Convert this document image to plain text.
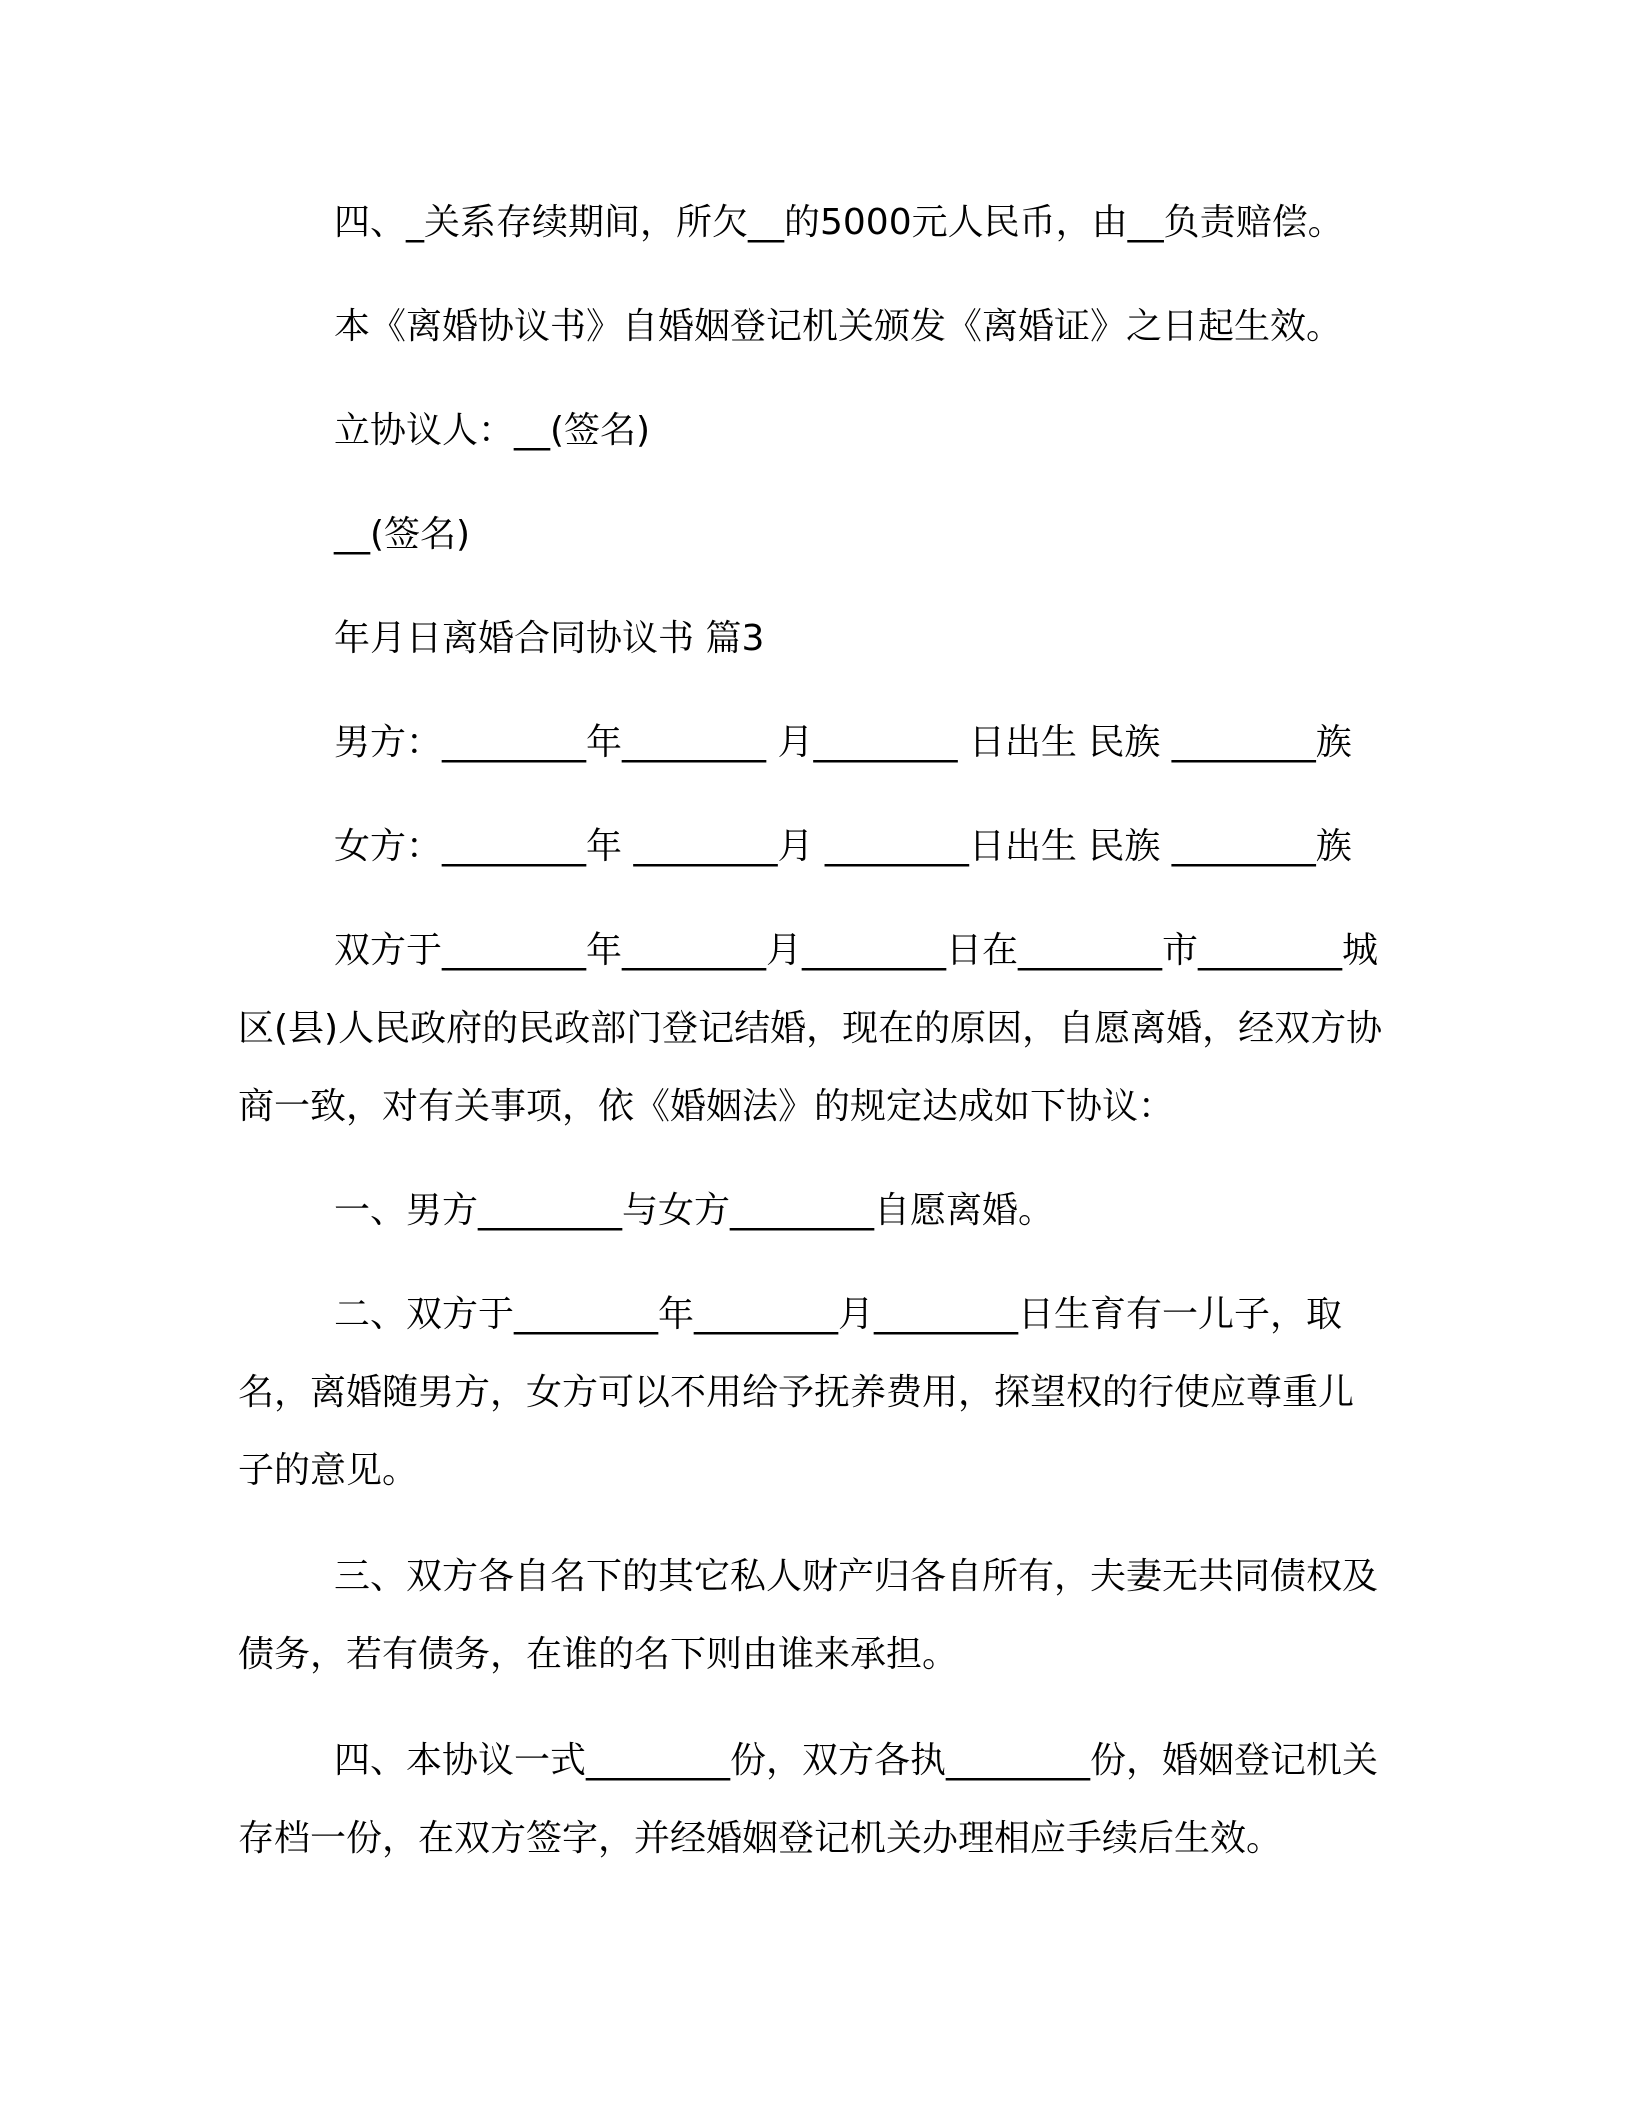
四、_关系存续期间，所欠__的5000元人民币，由__负责赔偿。

本《离婚协议书》自婚姻登记机关颁发《离婚证》之日起生效。

立协议人：__(签名)

__(签名)

年月日离婚合同协议书 篇3

男方：________年________ 月________ 日出生 民族 ________族

女方：________年 ________月 ________日出生 民族 ________族

双方于________年________月________日在________市________城区(县)人民政府的民政部门登记结婚，现在的原因，自愿离婚，经双方协商一致，对有关事项，依《婚姻法》的规定达成如下协议：

一、男方________与女方________自愿离婚。

二、双方于________年________月________日生育有一儿子，取名，离婚随男方，女方可以不用给予抚养费用，探望权的行使应尊重儿子的意见。

三、双方各自名下的其它私人财产归各自所有，夫妻无共同债权及债务，若有债务，在谁的名下则由谁来承担。

四、本协议一式________份，双方各执________份，婚姻登记机关存档一份，在双方签字，并经婚姻登记机关办理相应手续后生效。
